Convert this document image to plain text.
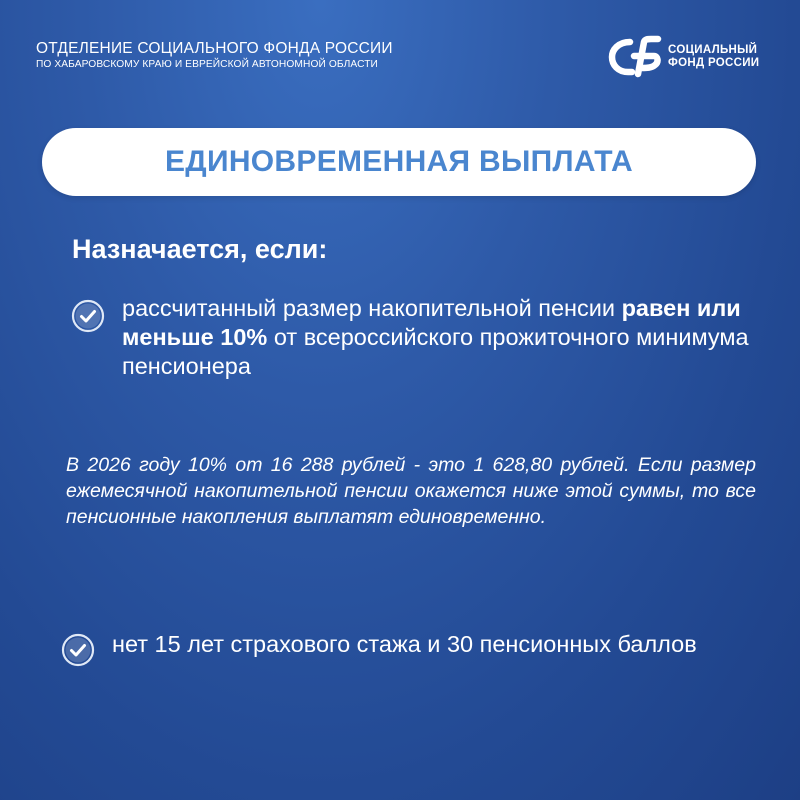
ОТДЕЛЕНИЕ СОЦИАЛЬНОГО ФОНДА РОССИИ
ПО ХАБАРОВСКОМУ КРАЮ И ЕВРЕЙСКОЙ АВТОНОМНОЙ ОБЛАСТИ
СОЦИАЛЬНЫЙ
ФОНД РОССИИ
ЕДИНОВРЕМЕННАЯ ВЫПЛАТА
Назначается, если:
рассчитанный размер накопительной пенсии равен или меньше 10% от всероссийского прожиточного минимума пенсионера
В 2026 году 10% от 16 288 рублей - это 1 628,80 рублей. Если размер ежемесячной накопительной пенсии окажется ниже этой суммы, то все пенсионные накопления выплатят единовременно.
нет 15 лет страхового стажа и 30 пенсионных баллов
